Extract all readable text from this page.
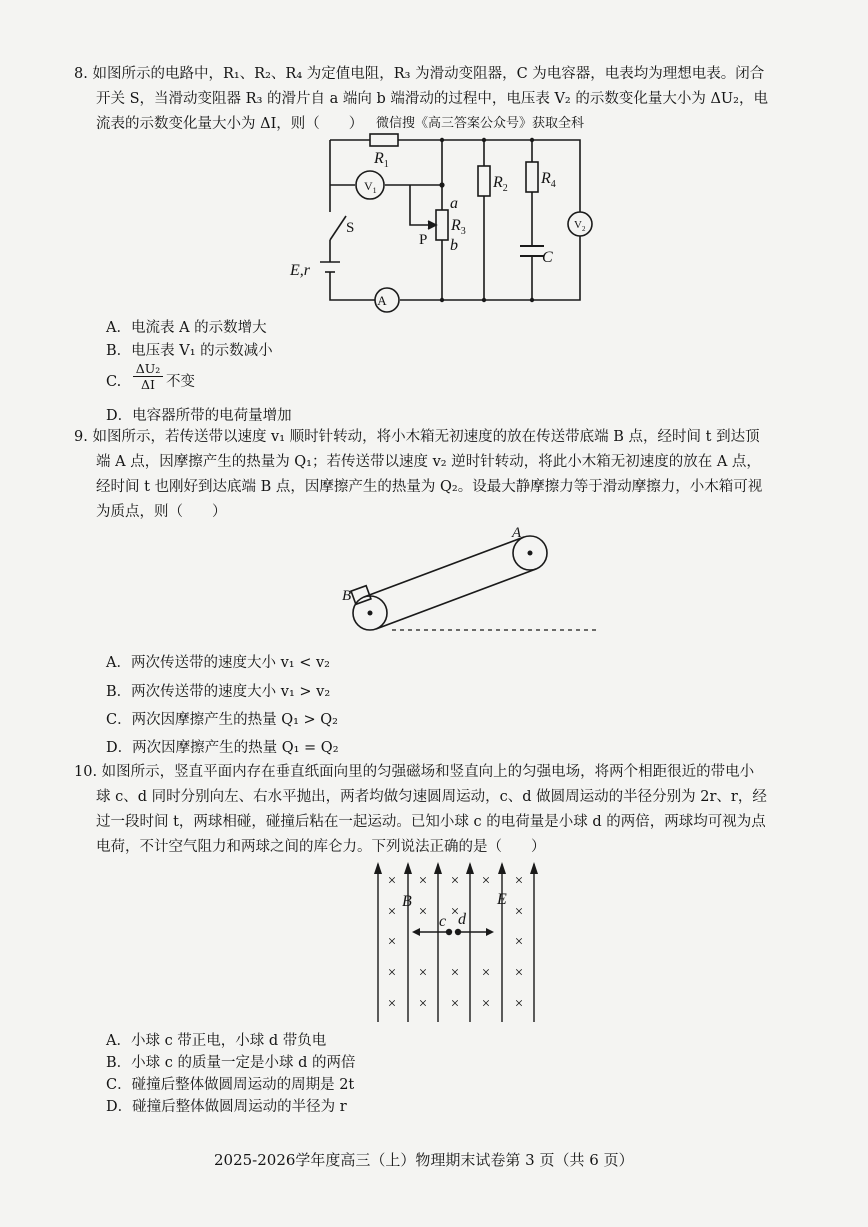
8. 如图所示的电路中，R₁、R₂、R₄ 为定值电阻，R₃ 为滑动变阻器，C 为电容器，电表均为理想电表。闭合
开关 S，当滑动变阻器 R₃ 的滑片自 a 端向 b 端滑动的过程中，电压表 V₂ 的示数变化量大小为 ΔU₂，电
流表的示数变化量大小为 ΔI，则（　　） 微信搜《高三答案公众号》获取全科
$R_1$
$R_2$
$R_3$
$R_4$
a
b
C
E,r
S
P
A
$V_1$
$V_2$
A．电流表 A 的示数增大
B．电压表 V₁ 的示数减小
C. $\frac{\text{ΔU₂}}{\Delta I}$ 不变
D．电容器所带的电荷量增加
9. 如图所示，若传送带以速度 v₁ 顺时针转动，将小木箱无初速度的放在传送带底端 B 点，经时间 t 到达顶
端 A 点，因摩擦产生的热量为 Q₁；若传送带以速度 v₂ 逆时针转动，将此小木箱无初速度的放在 A 点，
经时间 t 也刚好到达底端 B 点，因摩擦产生的热量为 Q₂。设最大静摩擦力等于滑动摩擦力，小木箱可视
为质点，则（　　）
A
B
A．两次传送带的速度大小 v₁ < v₂
B．两次传送带的速度大小 v₁ > v₂
C．两次因摩擦产生的热量 Q₁ > Q₂
D．两次因摩擦产生的热量 Q₁ = Q₂
10. 如图所示，竖直平面内存在垂直纸面向里的匀强磁场和竖直向上的匀强电场，将两个相距很近的带电小
球 c、d 同时分别向左、右水平抛出，两者均做匀速圆周运动，c、d 做圆周运动的半径分别为 2r、r，经
过一段时间 t，两球相碰，碰撞后粘在一起运动。已知小球 c 的电荷量是小球 d 的两倍，两球均可视为点
电荷，不计空气阻力和两球之间的库仑力。下列说法正确的是（　　）
× × × × ×
× × ×	×
×	×
× × × × ×
× × × × ×
B	E
c d
A．小球 c 带正电，小球 d 带负电
B．小球 c 的质量一定是小球 d 的两倍
C．碰撞后整体做圆周运动的周期是 2t
D．碰撞后整体做圆周运动的半径为 r
2025-2026学年度高三（上）物理期末试卷第 3 页（共 6 页）
